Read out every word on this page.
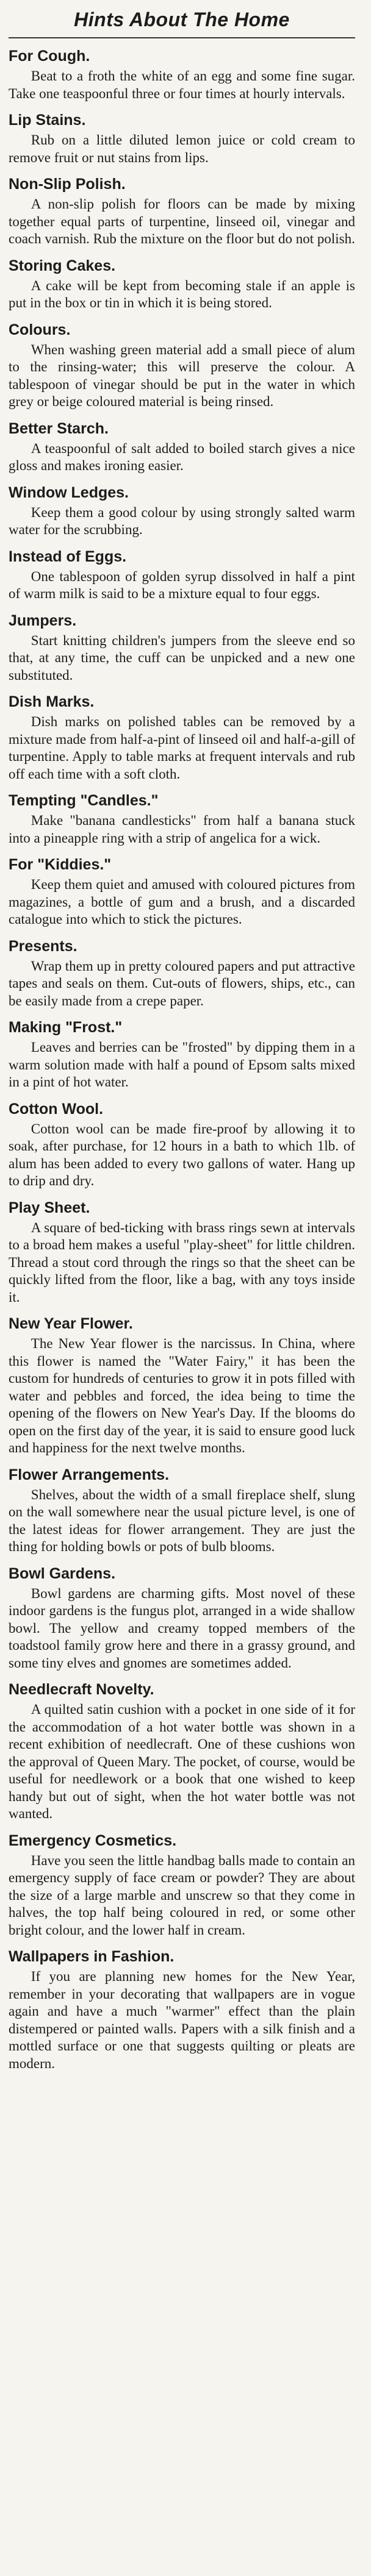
Hints About The Home
For Cough.

Beat to a froth the white of an egg and some fine sugar. Take one teaspoonful three or four times at hourly intervals.

Lip Stains.

Rub on a little diluted lemon juice or cold cream to remove fruit or nut stains from lips.

Non-Slip Polish.

A non-slip polish for floors can be made by mixing together equal parts of turpentine, linseed oil, vinegar and coach varnish. Rub the mixture on the floor but do not polish.

Storing Cakes.

A cake will be kept from becoming stale if an apple is put in the box or tin in which it is being stored.

Colours.

When washing green material add a small piece of alum to the rinsing-water; this will preserve the colour. A tablespoon of vinegar should be put in the water in which grey or beige coloured material is being rinsed.

Better Starch.

A teaspoonful of salt added to boiled starch gives a nice gloss and makes ironing easier.

Window Ledges.

Keep them a good colour by using strongly salted warm water for the scrubbing.

Instead of Eggs.

One tablespoon of golden syrup dissolved in half a pint of warm milk is said to be a mixture equal to four eggs.

Jumpers.

Start knitting children's jumpers from the sleeve end so that, at any time, the cuff can be unpicked and a new one substituted.

Dish Marks.

Dish marks on polished tables can be removed by a mixture made from half-a-pint of linseed oil and half-a-gill of turpentine. Apply to table marks at frequent intervals and rub off each time with a soft cloth.

Tempting "Candles."

Make "banana candlesticks" from half a banana stuck into a pineapple ring with a strip of angelica for a wick.

For "Kiddies."

Keep them quiet and amused with coloured pictures from magazines, a bottle of gum and a brush, and a discarded catalogue into which to stick the pictures.

Presents.

Wrap them up in pretty coloured papers and put attractive tapes and seals on them. Cut-outs of flowers, ships, etc., can be easily made from a crepe paper.

Making "Frost."

Leaves and berries can be "frosted" by dipping them in a warm solution made with half a pound of Epsom salts mixed in a pint of hot water.

Cotton Wool.

Cotton wool can be made fire-proof by allowing it to soak, after purchase, for 12 hours in a bath to which 1lb. of alum has been added to every two gallons of water. Hang up to drip and dry.

Play Sheet.

A square of bed-ticking with brass rings sewn at intervals to a broad hem makes a useful "play-sheet" for little children. Thread a stout cord through the rings so that the sheet can be quickly lifted from the floor, like a bag, with any toys inside it.

New Year Flower.

The New Year flower is the narcissus. In China, where this flower is named the "Water Fairy," it has been the custom for hundreds of centuries to grow it in pots filled with water and pebbles and forced, the idea being to time the opening of the flowers on New Year's Day. If the blooms do open on the first day of the year, it is said to ensure good luck and happiness for the next twelve months.

Flower Arrangements.

Shelves, about the width of a small fireplace shelf, slung on the wall somewhere near the usual picture level, is one of the latest ideas for flower arrangement. They are just the thing for holding bowls or pots of bulb blooms.

Bowl Gardens.

Bowl gardens are charming gifts. Most novel of these indoor gardens is the fungus plot, arranged in a wide shallow bowl. The yellow and creamy topped members of the toadstool family grow here and there in a grassy ground, and some tiny elves and gnomes are sometimes added.

Needlecraft Novelty.

A quilted satin cushion with a pocket in one side of it for the accommodation of a hot water bottle was shown in a recent exhibition of needlecraft. One of these cushions won the approval of Queen Mary. The pocket, of course, would be useful for needlework or a book that one wished to keep handy but out of sight, when the hot water bottle was not wanted.

Emergency Cosmetics.

Have you seen the little handbag balls made to contain an emergency supply of face cream or powder? They are about the size of a large marble and unscrew so that they come in halves, the top half being coloured in red, or some other bright colour, and the lower half in cream.

Wallpapers in Fashion.

If you are planning new homes for the New Year, remember in your decorating that wallpapers are in vogue again and have a much "warmer" effect than the plain distempered or painted walls. Papers with a silk finish and a mottled surface or one that suggests quilting or pleats are modern.
